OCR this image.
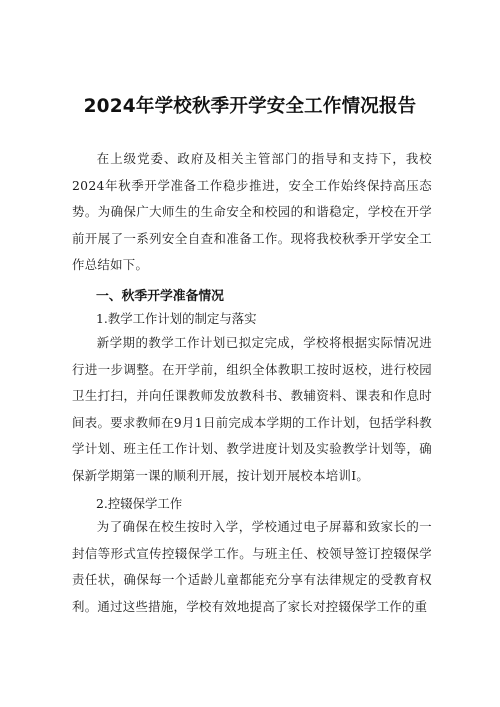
2024年学校秋季开学安全工作情况报告

在上级党委、政府及相关主管部门的指导和支持下，我校2024年秋季开学准备工作稳步推进，安全工作始终保持高压态势。为确保广大师生的生命安全和校园的和谐稳定，学校在开学前开展了一系列安全自查和准备工作。现将我校秋季开学安全工作总结如下。

一、秋季开学准备情况

1.教学工作计划的制定与落实

新学期的教学工作计划已拟定完成，学校将根据实际情况进行进一步调整。在开学前，组织全体教职工按时返校，进行校园卫生打扫，并向任课教师发放教科书、教辅资料、课表和作息时间表。要求教师在9月1日前完成本学期的工作计划，包括学科教学计划、班主任工作计划、教学进度计划及实验教学计划等，确保新学期第一课的顺利开展，按计划开展校本培训I。

2.控辍保学工作

为了确保在校生按时入学，学校通过电子屏幕和致家长的一封信等形式宣传控辍保学工作。与班主任、校领导签订控辍保学责任状，确保每一个适龄儿童都能充分享有法律规定的受教育权利。通过这些措施，学校有效地提高了家长对控辍保学工作的重
